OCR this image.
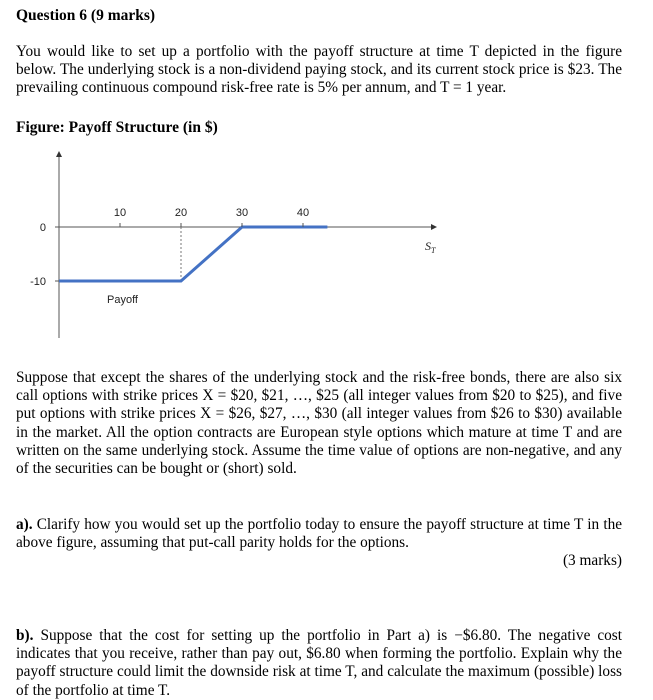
Question 6 (9 marks)
You would like to set up a portfolio with the payoff structure at time T depicted in the figure below. The underlying stock is a non-dividend paying stock, and its current stock price is $23. The prevailing continuous compound risk-free rate is 5% per annum, and T = 1 year.
Figure: Payoff Structure (in $)
10	20	30	40
0
-10
$S_T$
Payoff
Suppose that except the shares of the underlying stock and the risk-free bonds, there are also six call options with strike prices X = $20, $21, …, $25 (all integer values from $20 to $25), and five put options with strike prices X = $26, $27, …, $30 (all integer values from $26 to $30) available in the market. All the option contracts are European style options which mature at time T and are written on the same underlying stock. Assume the time value of options are non-negative, and any of the securities can be bought or (short) sold.
a). Clarify how you would set up the portfolio today to ensure the payoff structure at time T in the above figure, assuming that put-call parity holds for the options.
(3 marks)
b). Suppose that the cost for setting up the portfolio in Part a) is −$6.80. The negative cost indicates that you receive, rather than pay out, $6.80 when forming the portfolio. Explain why the payoff structure could limit the downside risk at time T, and calculate the maximum (possible) loss of the portfolio at time T.
